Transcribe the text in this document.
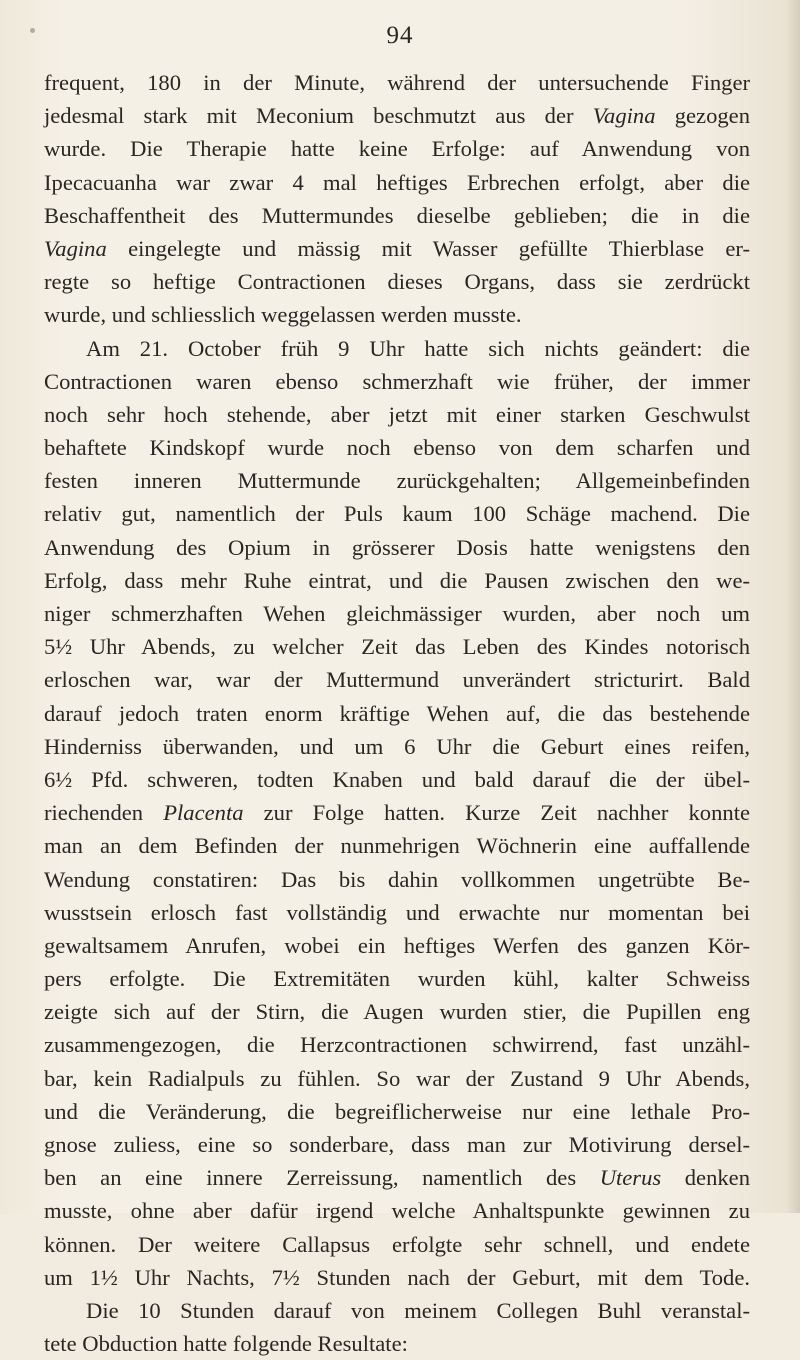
94
frequent, 180 in der Minute, während der untersuchende Finger
jedesmal stark mit Meconium beschmutzt aus der Vagina gezogen
wurde. Die Therapie hatte keine Erfolge: auf Anwendung von
Ipecacuanha war zwar 4 mal heftiges Erbrechen erfolgt, aber die
Beschaffentheit des Muttermundes dieselbe geblieben; die in die
Vagina eingelegte und mässig mit Wasser gefüllte Thierblase er-
regte so heftige Contractionen dieses Organs, dass sie zerdrückt
wurde, und schliesslich weggelassen werden musste.
Am 21. October früh 9 Uhr hatte sich nichts geändert: die
Contractionen waren ebenso schmerzhaft wie früher, der immer
noch sehr hoch stehende, aber jetzt mit einer starken Geschwulst
behaftete Kindskopf wurde noch ebenso von dem scharfen und
festen inneren Muttermunde zurückgehalten; Allgemeinbefinden
relativ gut, namentlich der Puls kaum 100 Schäge machend. Die
Anwendung des Opium in grösserer Dosis hatte wenigstens den
Erfolg, dass mehr Ruhe eintrat, und die Pausen zwischen den we-
niger schmerzhaften Wehen gleichmässiger wurden, aber noch um
5½ Uhr Abends, zu welcher Zeit das Leben des Kindes notorisch
erloschen war, war der Muttermund unverändert stricturirt. Bald
darauf jedoch traten enorm kräftige Wehen auf, die das bestehende
Hinderniss überwanden, und um 6 Uhr die Geburt eines reifen,
6½ Pfd. schweren, todten Knaben und bald darauf die der übel-
riechenden Placenta zur Folge hatten. Kurze Zeit nachher konnte
man an dem Befinden der nunmehrigen Wöchnerin eine auffallende
Wendung constatiren: Das bis dahin vollkommen ungetrübte Be-
wusstsein erlosch fast vollständig und erwachte nur momentan bei
gewaltsamem Anrufen, wobei ein heftiges Werfen des ganzen Kör-
pers erfolgte. Die Extremitäten wurden kühl, kalter Schweiss
zeigte sich auf der Stirn, die Augen wurden stier, die Pupillen eng
zusammengezogen, die Herzcontractionen schwirrend, fast unzähl-
bar, kein Radialpuls zu fühlen. So war der Zustand 9 Uhr Abends,
und die Veränderung, die begreiflicherweise nur eine lethale Pro-
gnose zuliess, eine so sonderbare, dass man zur Motivirung dersel-
ben an eine innere Zerreissung, namentlich des Uterus denken
musste, ohne aber dafür irgend welche Anhaltspunkte gewinnen zu
können. Der weitere Callapsus erfolgte sehr schnell, und endete
um 1½ Uhr Nachts, 7½ Stunden nach der Geburt, mit dem Tode.
Die 10 Stunden darauf von meinem Collegen Buhl veranstal-
tete Obduction hatte folgende Resultate:
